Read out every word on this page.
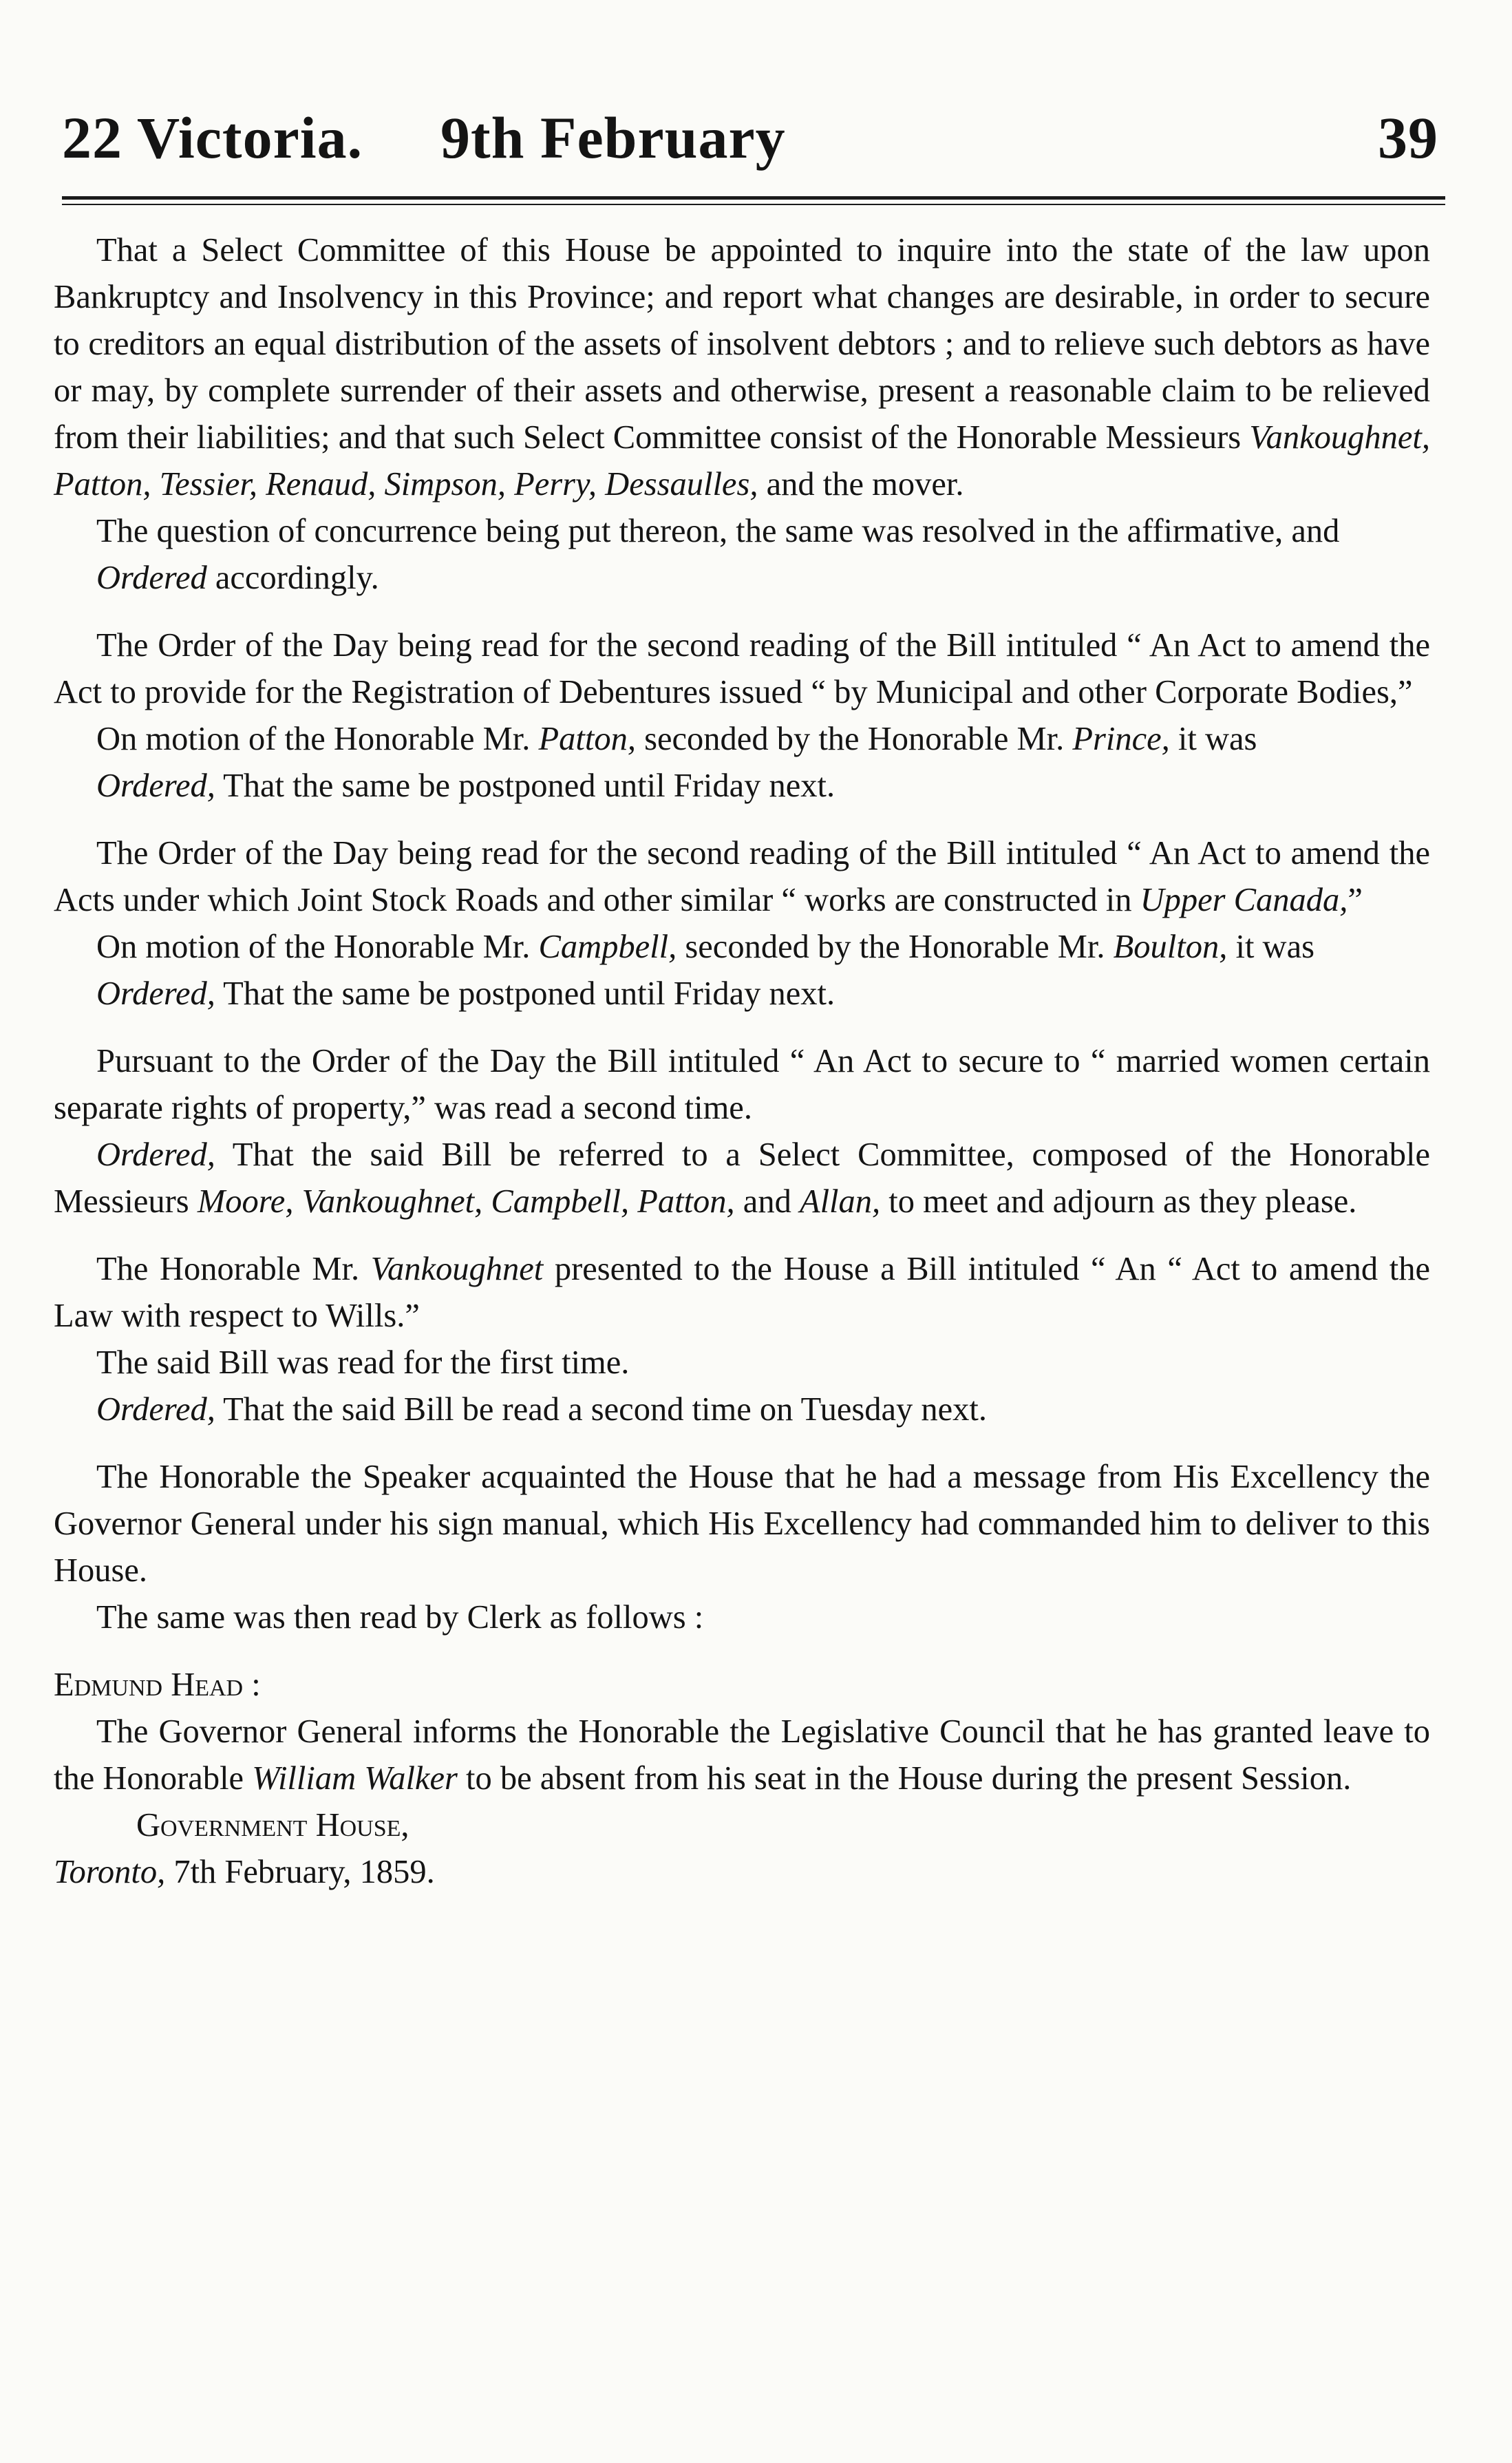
22 Victoria. 9th February	39

That a Select Committee of this House be appointed to inquire into the state of the law upon Bankruptcy and Insolvency in this Province; and report what changes are desirable, in order to secure to creditors an equal distribution of the assets of insolvent debtors ; and to relieve such debtors as have or may, by complete surrender of their assets and otherwise, present a reasonable claim to be relieved from their liabilities; and that such Select Committee consist of the Honorable Messieurs Vankoughnet, Patton, Tessier, Renaud, Simpson, Perry, Dessaulles, and the mover.

The question of concurrence being put thereon, the same was resolved in the affirmative, and

Ordered accordingly.

The Order of the Day being read for the second reading of the Bill intituled “ An Act to amend the Act to provide for the Registration of Debentures issued “ by Municipal and other Corporate Bodies,”

On motion of the Honorable Mr. Patton, seconded by the Honorable Mr. Prince, it was

Ordered, That the same be postponed until Friday next.

The Order of the Day being read for the second reading of the Bill intituled “ An Act to amend the Acts under which Joint Stock Roads and other similar “ works are constructed in Upper Canada,”

On motion of the Honorable Mr. Campbell, seconded by the Honorable Mr. Boulton, it was

Ordered, That the same be postponed until Friday next.

Pursuant to the Order of the Day the Bill intituled “ An Act to secure to “ married women certain separate rights of property,” was read a second time.

Ordered, That the said Bill be referred to a Select Committee, composed of the Honorable Messieurs Moore, Vankoughnet, Campbell, Patton, and Allan, to meet and adjourn as they please.

The Honorable Mr. Vankoughnet presented to the House a Bill intituled “ An “ Act to amend the Law with respect to Wills.”

The said Bill was read for the first time.

Ordered, That the said Bill be read a second time on Tuesday next.

The Honorable the Speaker acquainted the House that he had a message from His Excellency the Governor General under his sign manual, which His Excellency had commanded him to deliver to this House.

The same was then read by Clerk as follows :

Edmund Head :

The Governor General informs the Honorable the Legislative Council that he has granted leave to the Honorable William Walker to be absent from his seat in the House during the present Session.

Government House,

Toronto, 7th February, 1859.
